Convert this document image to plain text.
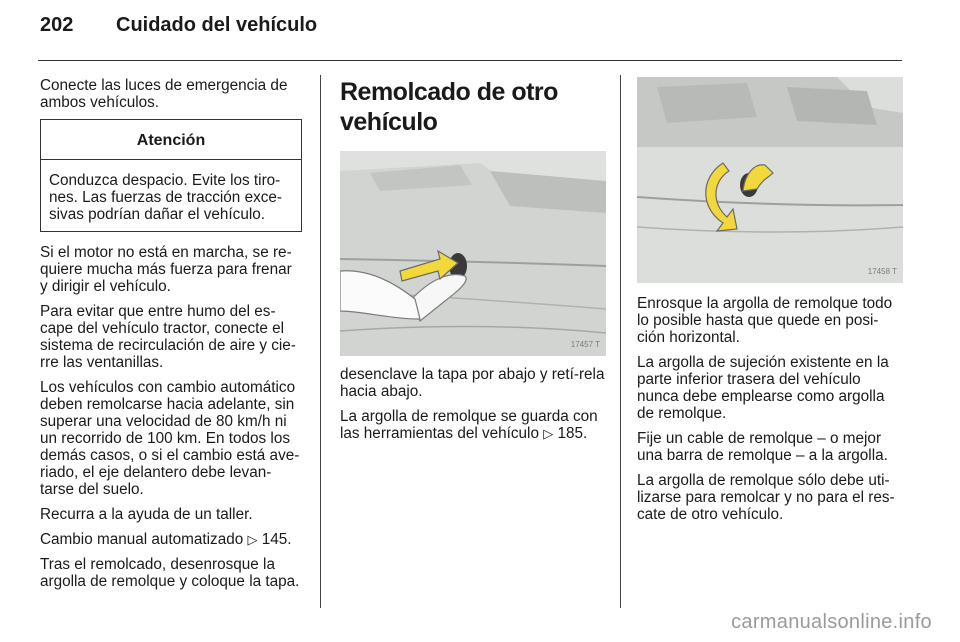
202 Cuidado del vehículo

Conecte las luces de emergencia de ambos vehículos.

Atención
Conduzca despacio. Evite los tiro-nes. Las fuerzas de tracción exce-sivas podrían dañar el vehículo.

Si el motor no está en marcha, se re-quiere mucha más fuerza para frenar y dirigir el vehículo.

Para evitar que entre humo del es-cape del vehículo tractor, conecte el sistema de recirculación de aire y cie-rre las ventanillas.

Los vehículos con cambio automático deben remolcarse hacia adelante, sin superar una velocidad de 80 km/h ni un recorrido de 100 km. En todos los demás casos, o si el cambio está ave-riado, el eje delantero debe levan-tarse del suelo.

Recurra a la ayuda de un taller.

Cambio manual automatizado ▷ 145.

Tras el remolcado, desenrosque la argolla de remolque y coloque la tapa.

Remolcado de otro vehículo
17457 T

desenclave la tapa por abajo y retí-rela hacia abajo.

La argolla de remolque se guarda con las herramientas del vehículo ▷ 185.

17458 T

Enrosque la argolla de remolque todo lo posible hasta que quede en posi-ción horizontal.

La argolla de sujeción existente en la parte inferior trasera del vehículo nunca debe emplearse como argolla de remolque.

Fije un cable de remolque – o mejor una barra de remolque – a la argolla.

La argolla de remolque sólo debe uti-lizarse para remolcar y no para el res-cate de otro vehículo.

carmanualsonline.info
